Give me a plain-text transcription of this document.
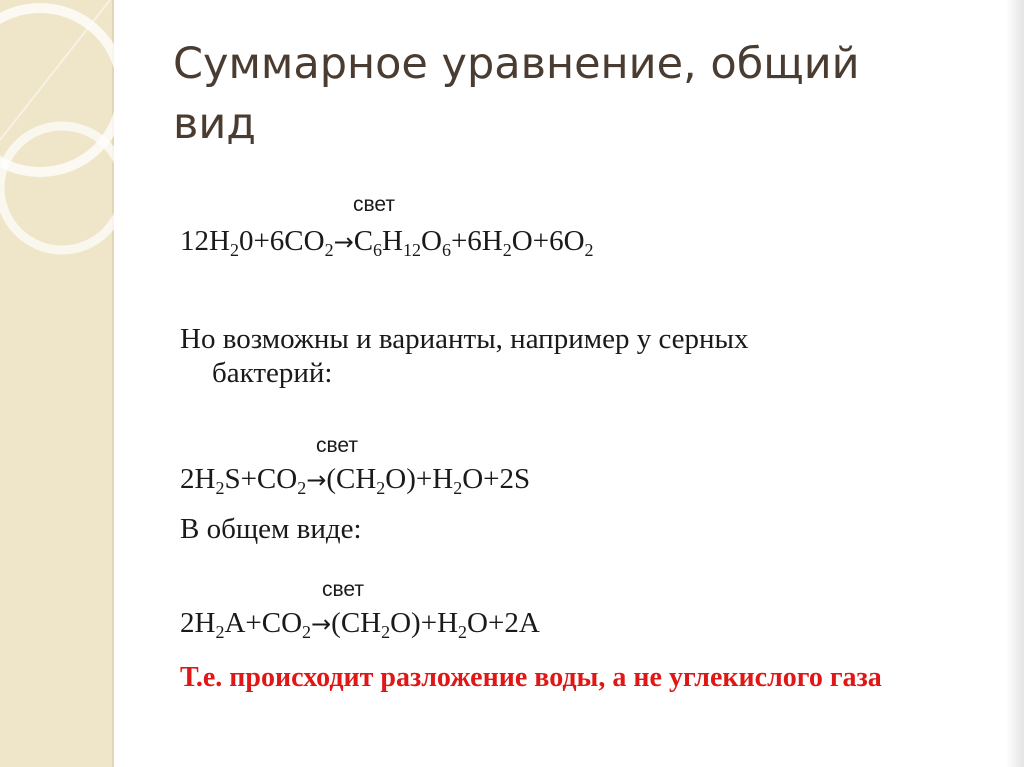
Суммарное уравнение, общий вид
свет
$12H_20+6CO_2\to C_6H_{12}O_6+6H_2O+6O_2$
Но возможны и варианты, например у серных
бактерий:
свет
$2H_2S+CO_2\to(CH_2O)+H_2O+2S$
В общем виде:
свет
$2H_2A+CO_2\to(CH_2O)+H_2O+2A$
Т.е. происходит разложение воды, а не углекислого газа
